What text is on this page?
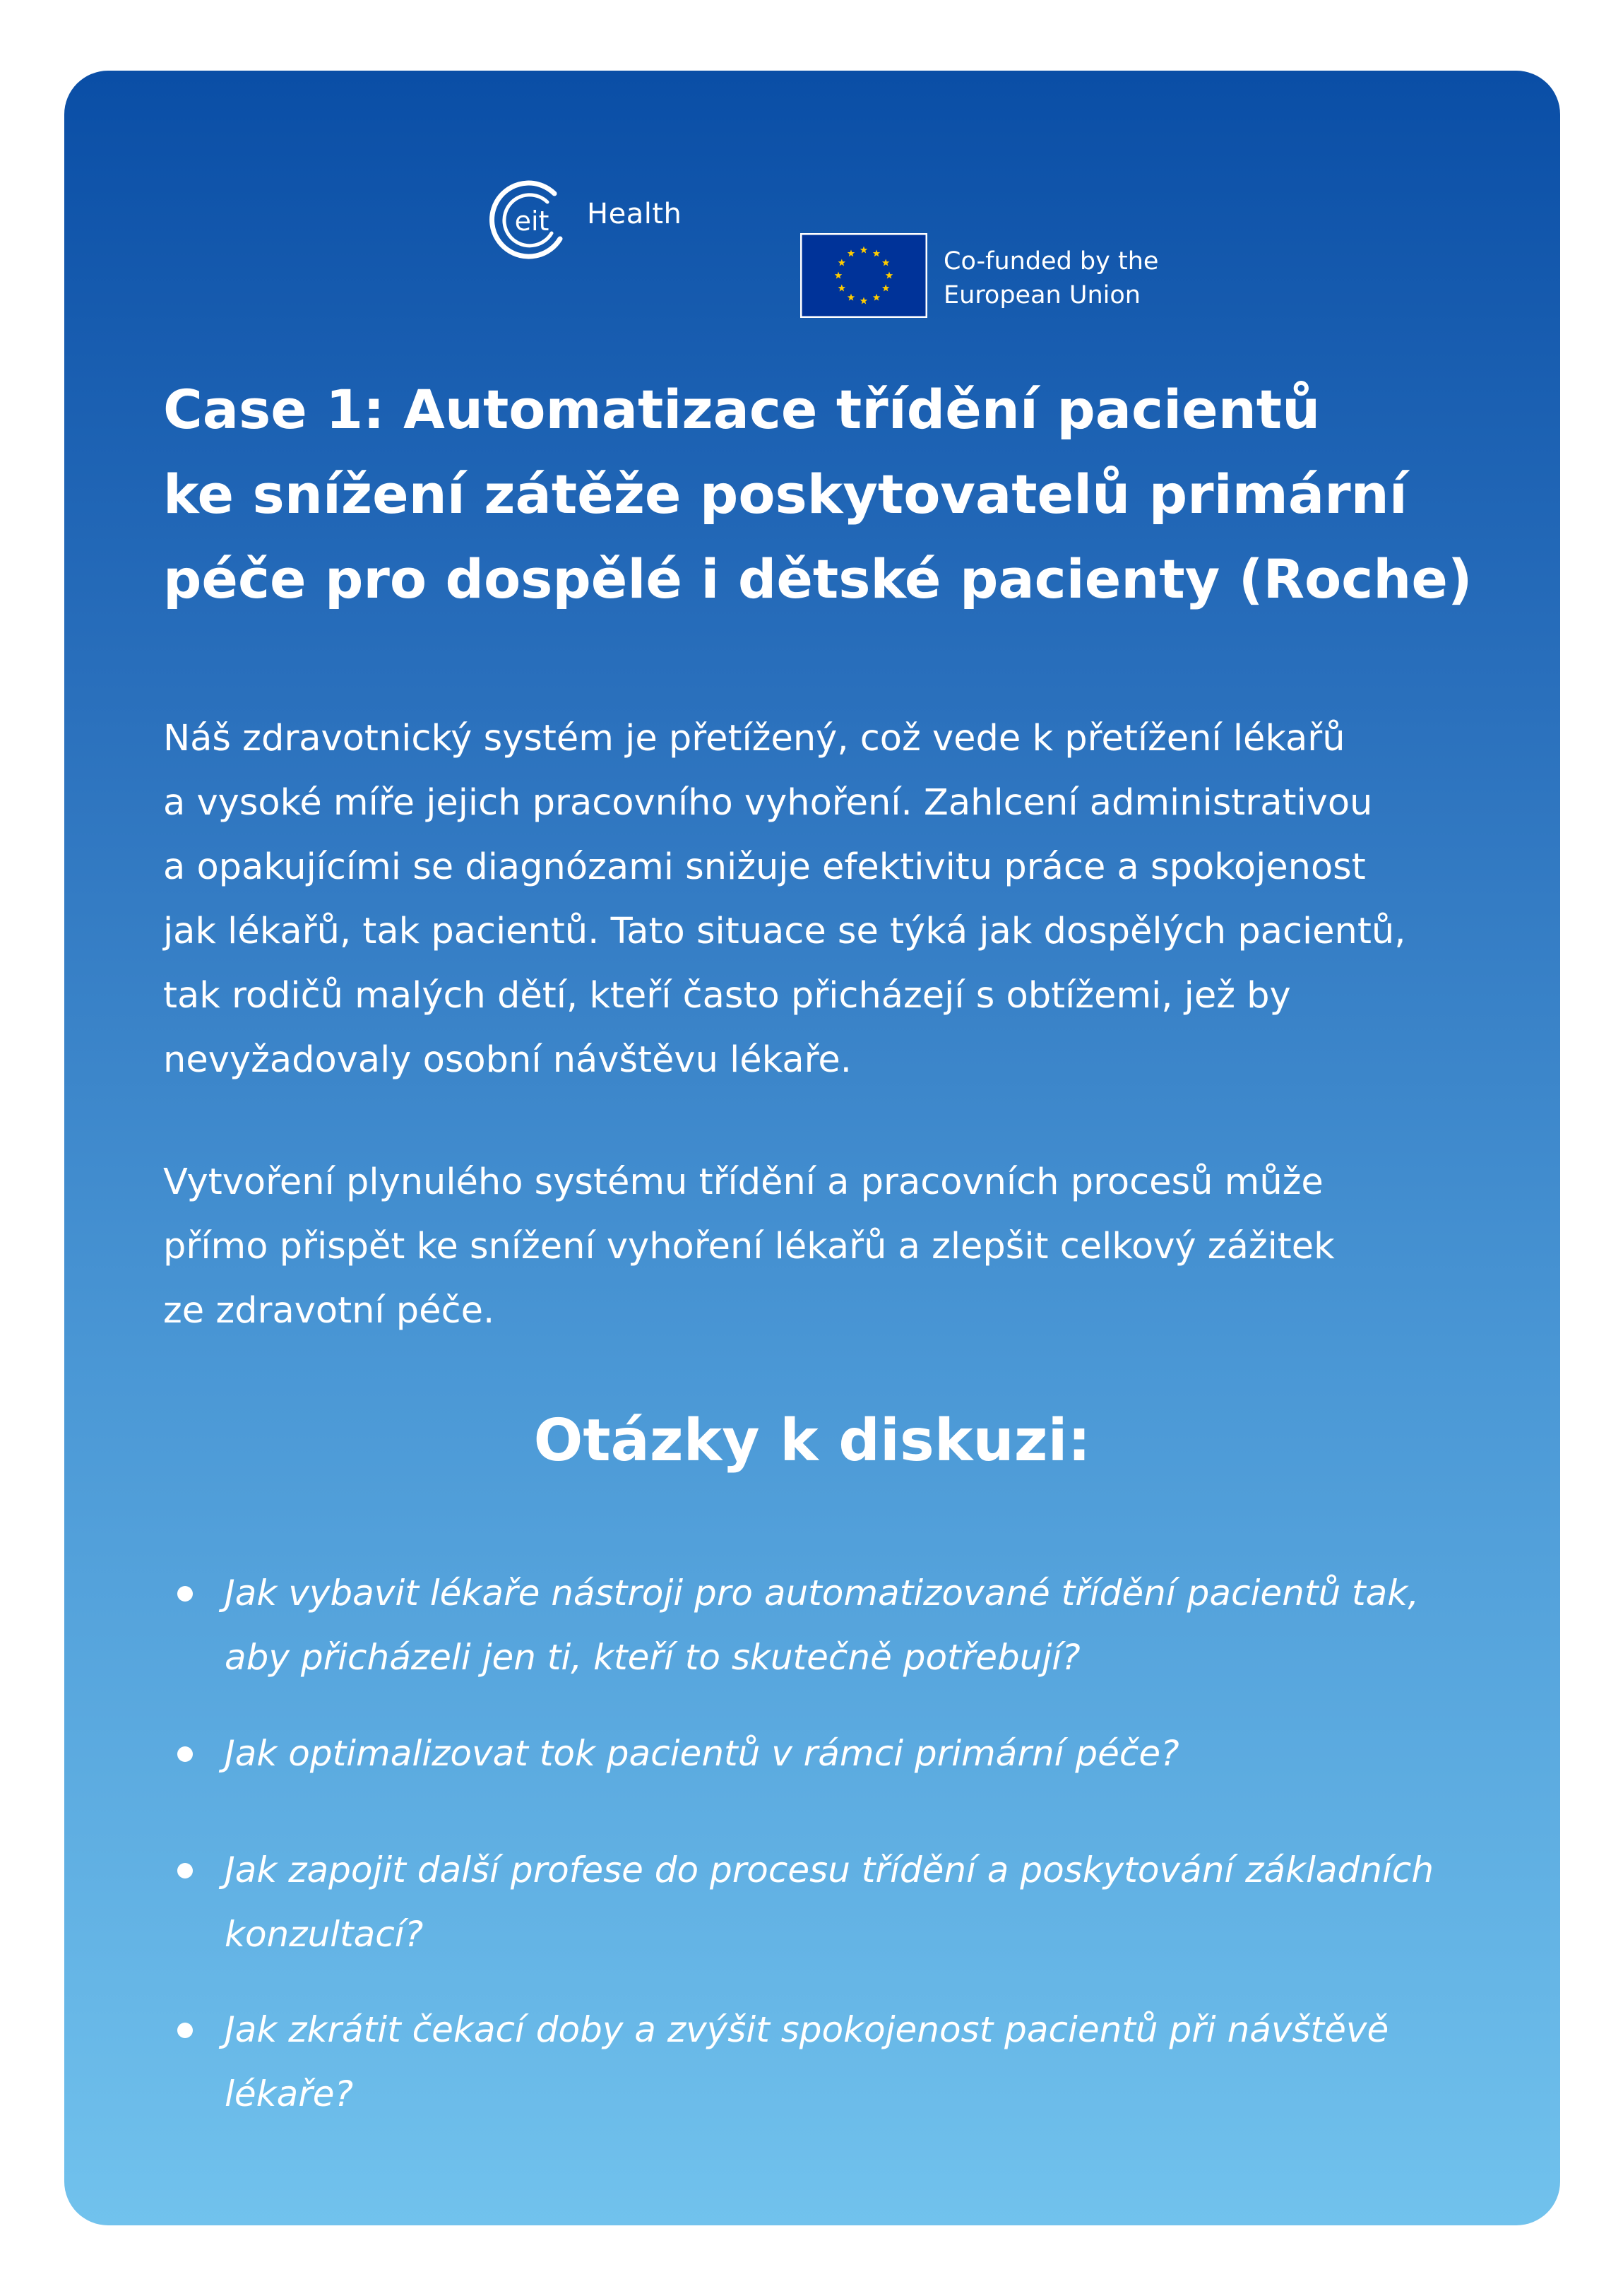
eit Health
Co-funded by the
European Union
Case 1: Automatizace třídění pacientů
ke snížení zátěže poskytovatelů primární
péče pro dospělé i dětské pacienty (Roche)

Náš zdravotnický systém je přetížený, což vede k přetížení lékařů
a vysoké míře jejich pracovního vyhoření. Zahlcení administrativou
a opakujícími se diagnózami snižuje efektivitu práce a spokojenost
jak lékařů, tak pacientů. Tato situace se týká jak dospělých pacientů,
tak rodičů malých dětí, kteří často přicházejí s obtížemi, jež by
nevyžadovaly osobní návštěvu lékaře.

Vytvoření plynulého systému třídění a pracovních procesů může
přímo přispět ke snížení vyhoření lékařů a zlepšit celkový zážitek
ze zdravotní péče.

Otázky k diskuzi:
Jak vybavit lékaře nástroji pro automatizované třídění pacientů tak,
aby přicházeli jen ti, kteří to skutečně potřebují?
Jak optimalizovat tok pacientů v rámci primární péče?
Jak zapojit další profese do procesu třídění a poskytování základních
konzultací?
Jak zkrátit čekací doby a zvýšit spokojenost pacientů při návštěvě
lékaře?
